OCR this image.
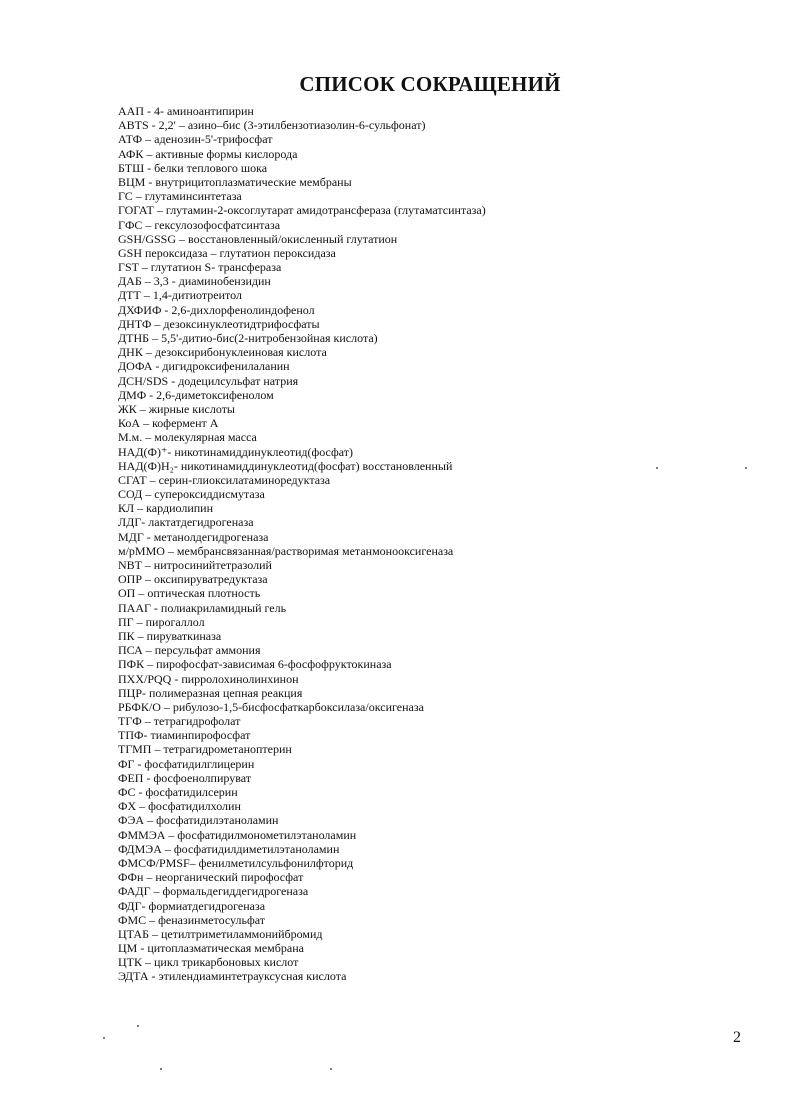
СПИСОК СОКРАЩЕНИЙ
ААП - 4- аминоантипирин
ABTS - 2,2' – азино–бис (3-этилбензотиазолин-6-сульфонат)
АТФ – аденозин-5'-трифосфат
АФК – активные формы кислорода
БТШ - белки теплового шока
ВЦМ - внутрицитоплазматические мембраны
ГС – глутаминсинтетаза
ГОГАТ – глутамин-2-оксоглутарат амидотрансфераза (глутаматсинтаза)
ГФС – гексулозофосфатсинтаза
GSH/GSSG – восстановленный/окисленный глутатион
GSH пероксидаза – глутатион пероксидаза
ГST – глутатион S- трансфераза
ДАБ – 3,3 - диаминобензидин
ДТТ – 1,4-дитиотреитол
ДХФИФ - 2,6-дихлорфенолиндофенол
ДНТФ – дезоксинуклеотидтрифосфаты
ДТНБ – 5,5'-дитио-бис(2-нитробензойная кислота)
ДНК – дезоксирибонуклеиновая кислота
ДОФА - дигидроксифенилаланин
ДСН/SDS - додецилсульфат натрия
ДМФ - 2,6-диметоксифенолом
ЖК – жирные кислоты
КоА – кофермент А
М.м. – молекулярная масса
НАД(Ф)⁺- никотинамиддинуклеотид(фосфат)
НАД(Ф)Н₂- никотинамиддинуклеотид(фосфат) восстановленный
СГАТ – серин-глиоксилатаминоредуктаза
СОД – супероксиддисмутаза
КЛ – кардиолипин
ЛДГ- лактатдегидрогеназа
МДГ - метанолдегидрогеназа
м/рММО – мембрансвязанная/растворимая метанмонооксигеназа
NBT – нитросинийтетразолий
ОПР – оксипируватредуктаза
ОП – оптическая плотность
ПААГ - полиакриламидный гель
ПГ – пирогаллол
ПК – пируваткиназа
ПСА – персульфат аммония
ПФК – пирофосфат-зависимая 6-фосфофруктокиназа
ПХХ/PQQ - пирролохинолинхинон
ПЦР- полимеразная цепная реакция
РБФК/О – рибулозо-1,5-бисфосфаткарбоксилаза/оксигеназа
ТГФ – тетрагидрофолат
ТПФ- тиаминпирофосфат
ТГМП – тетрагидрометаноптерин
ФГ - фосфатидилглицерин
ФЕП - фосфоенолпируват
ФС - фосфатидилсерин
ФХ – фосфатидилхолин
ФЭА – фосфатидилэтаноламин
ФММЭА – фосфатидилмонометилэтаноламин
ФДМЭА – фосфатидилдиметилэтаноламин
ФМСФ/PMSF– фенилметилсульфонилфторид
ФФн – неорганический пирофосфат
ФАДГ – формальдегиддегидрогеназа
ФДГ- формиатдегидрогеназа
ФМС – феназинметосульфат
ЦТАБ – цетилтриметиламмонийбромид
ЦМ - цитоплазматическая мембрана
ЦТК – цикл трикарбоновых кислот
ЭДТА - этилендиаминтетрауксусная кислота
2
